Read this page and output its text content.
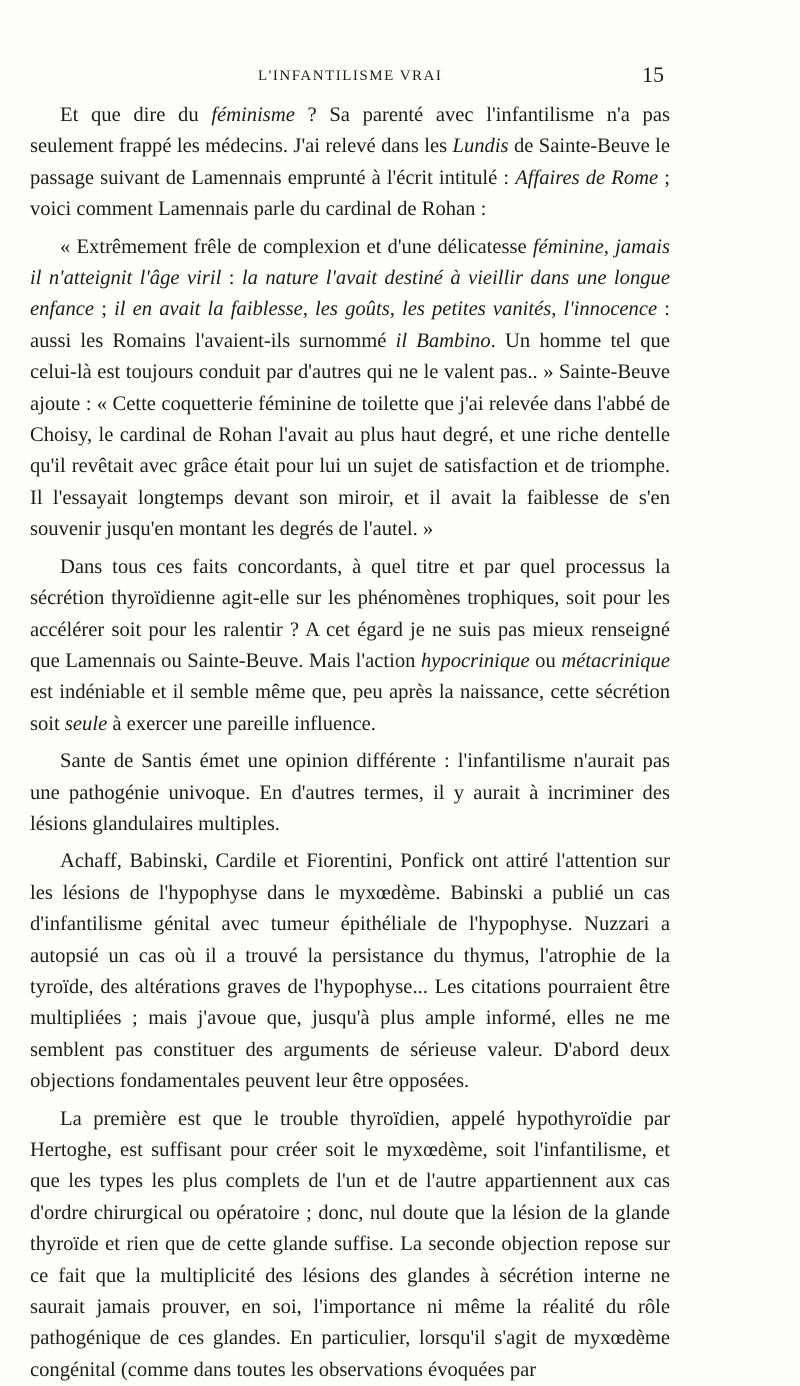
L'INFANTILISME VRAI	15

Et que dire du féminisme ? Sa parenté avec l'infantilisme n'a pas seulement frappé les médecins. J'ai relevé dans les Lundis de Sainte-Beuve le passage suivant de Lamennais emprunté à l'écrit intitulé : Affaires de Rome ; voici comment Lamennais parle du cardinal de Rohan :

« Extrêmement frêle de complexion et d'une délicatesse féminine, jamais il n'atteignit l'âge viril : la nature l'avait destiné à vieillir dans une longue enfance ; il en avait la faiblesse, les goûts, les petites vanités, l'innocence : aussi les Romains l'avaient-ils surnommé il Bambino. Un homme tel que celui-là est toujours conduit par d'autres qui ne le valent pas.. » Sainte-Beuve ajoute : « Cette coquetterie féminine de toilette que j'ai relevée dans l'abbé de Choisy, le cardinal de Rohan l'avait au plus haut degré, et une riche dentelle qu'il revêtait avec grâce était pour lui un sujet de satisfaction et de triomphe. Il l'essayait longtemps devant son miroir, et il avait la faiblesse de s'en souvenir jusqu'en montant les degrés de l'autel. »

Dans tous ces faits concordants, à quel titre et par quel processus la sécrétion thyroïdienne agit-elle sur les phénomènes trophiques, soit pour les accélérer soit pour les ralentir ? A cet égard je ne suis pas mieux renseigné que Lamennais ou Sainte-Beuve. Mais l'action hypocrinique ou métacrinique est indéniable et il semble même que, peu après la naissance, cette sécrétion soit seule à exercer une pareille influence.

Sante de Santis émet une opinion différente : l'infantilisme n'aurait pas une pathogénie univoque. En d'autres termes, il y aurait à incriminer des lésions glandulaires multiples.

Achaff, Babinski, Cardile et Fiorentini, Ponfick ont attiré l'attention sur les lésions de l'hypophyse dans le myxœdème. Babinski a publié un cas d'infantilisme génital avec tumeur épithéliale de l'hypophyse. Nuzzari a autopsié un cas où il a trouvé la persistance du thymus, l'atrophie de la tyroïde, des altérations graves de l'hypophyse... Les citations pourraient être multipliées ; mais j'avoue que, jusqu'à plus ample informé, elles ne me semblent pas constituer des arguments de sérieuse valeur. D'abord deux objections fondamentales peuvent leur être opposées.

La première est que le trouble thyroïdien, appelé hypothyroïdie par Hertoghe, est suffisant pour créer soit le myxœdème, soit l'infantilisme, et que les types les plus complets de l'un et de l'autre appartiennent aux cas d'ordre chirurgical ou opératoire ; donc, nul doute que la lésion de la glande thyroïde et rien que de cette glande suffise. La seconde objection repose sur ce fait que la multiplicité des lésions des glandes à sécrétion interne ne saurait jamais prouver, en soi, l'importance ni même la réalité du rôle pathogénique de ces glandes. En particulier, lorsqu'il s'agit de myxœdème congénital (comme dans toutes les observations évoquées par
